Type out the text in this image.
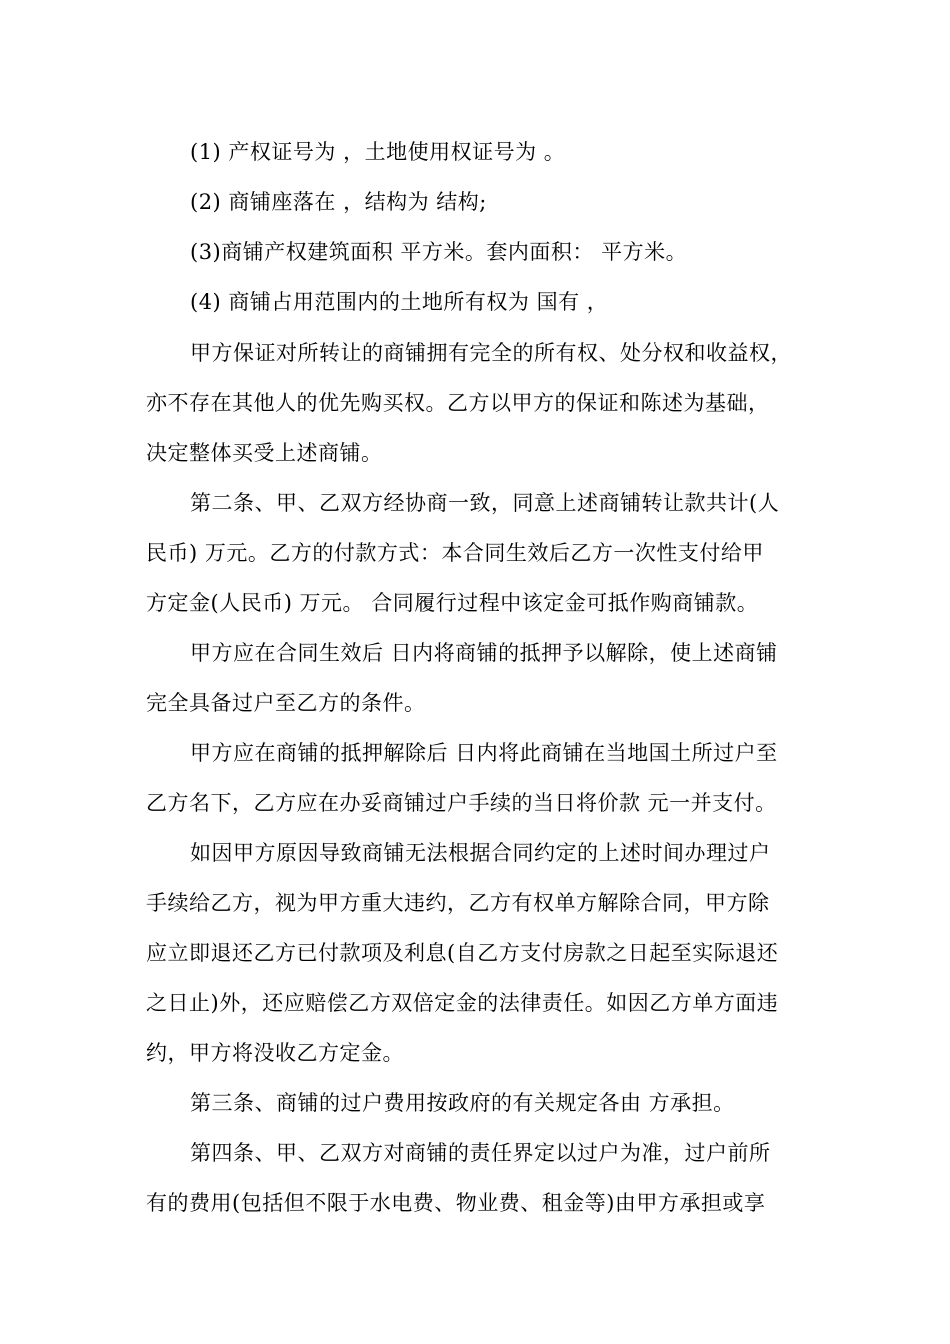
(1) 产权证号为 ，土地使用权证号为 。
(2) 商铺座落在 ，结构为 结构;
(3)商铺产权建筑面积 平方米。套内面积： 平方米。
(4) 商铺占用范围内的土地所有权为 国有 ，
甲方保证对所转让的商铺拥有完全的所有权、处分权和收益权，
亦不存在其他人的优先购买权。乙方以甲方的保证和陈述为基础，
决定整体买受上述商铺。
第二条、甲、乙双方经协商一致，同意上述商铺转让款共计(人
民币) 万元。乙方的付款方式：本合同生效后乙方一次性支付给甲
方定金(人民币) 万元。 合同履行过程中该定金可抵作购商铺款。
甲方应在合同生效后 日内将商铺的抵押予以解除，使上述商铺
完全具备过户至乙方的条件。
甲方应在商铺的抵押解除后 日内将此商铺在当地国土所过户至
乙方名下，乙方应在办妥商铺过户手续的当日将价款 元一并支付。
如因甲方原因导致商铺无法根据合同约定的上述时间办理过户
手续给乙方，视为甲方重大违约，乙方有权单方解除合同，甲方除
应立即退还乙方已付款项及利息(自乙方支付房款之日起至实际退还
之日止)外，还应赔偿乙方双倍定金的法律责任。如因乙方单方面违
约，甲方将没收乙方定金。
第三条、商铺的过户费用按政府的有关规定各由 方承担。
第四条、甲、乙双方对商铺的责任界定以过户为准，过户前所
有的费用(包括但不限于水电费、物业费、租金等)由甲方承担或享
